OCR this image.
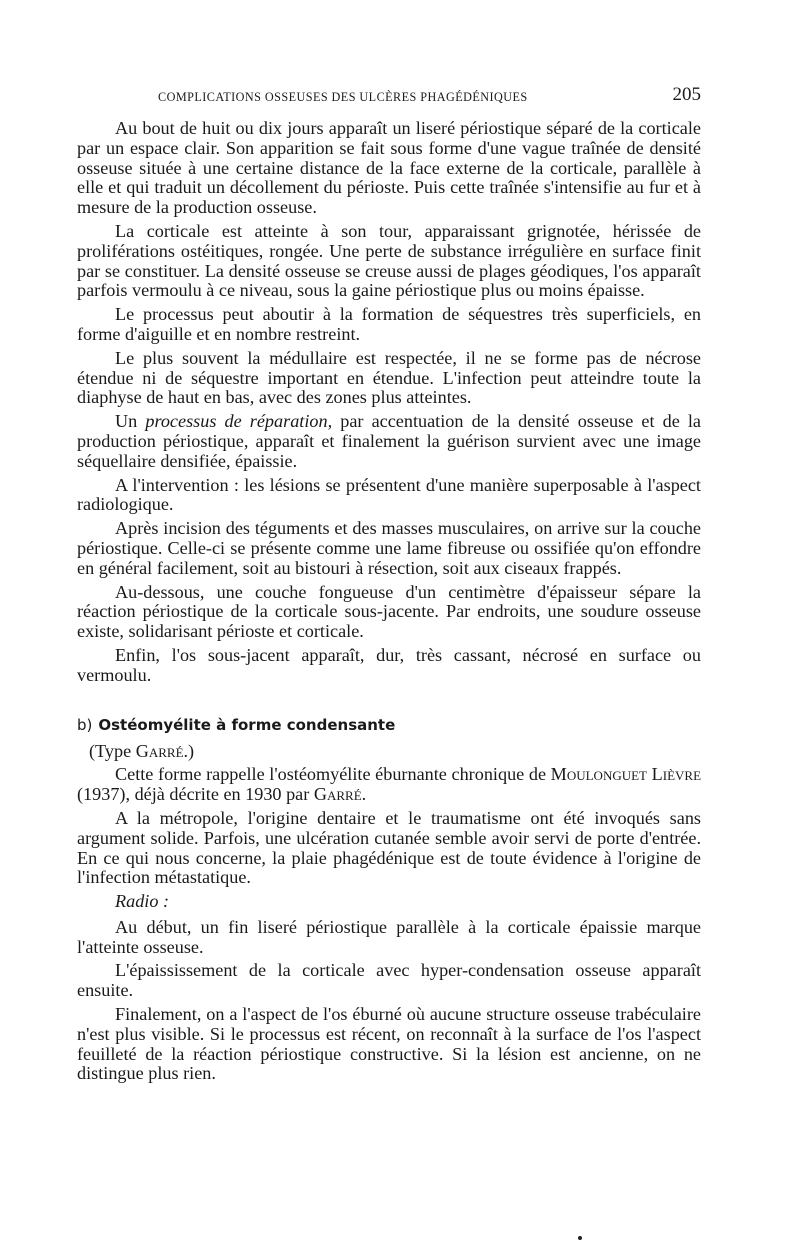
COMPLICATIONS OSSEUSES DES ULCÈRES PHAGÉDÉNIQUES	205

Au bout de huit ou dix jours apparaît un liseré périostique séparé de la corticale par un espace clair. Son apparition se fait sous forme d'une vague traînée de densité osseuse située à une certaine distance de la face externe de la corticale, parallèle à elle et qui traduit un décollement du périoste. Puis cette traînée s'intensifie au fur et à mesure de la production osseuse.

La corticale est atteinte à son tour, apparaissant grignotée, hérissée de proliférations ostéitiques, rongée. Une perte de substance irrégulière en surface finit par se constituer. La densité osseuse se creuse aussi de plages géodiques, l'os apparaît parfois vermoulu à ce niveau, sous la gaine périostique plus ou moins épaisse.

Le processus peut aboutir à la formation de séquestres très superficiels, en forme d'aiguille et en nombre restreint.

Le plus souvent la médullaire est respectée, il ne se forme pas de nécrose étendue ni de séquestre important en étendue. L'infection peut atteindre toute la diaphyse de haut en bas, avec des zones plus atteintes.

Un processus de réparation, par accentuation de la densité osseuse et de la production périostique, apparaît et finalement la guérison survient avec une image séquellaire densifiée, épaissie.

A l'intervention : les lésions se présentent d'une manière superposable à l'aspect radiologique.

Après incision des téguments et des masses musculaires, on arrive sur la couche périostique. Celle-ci se présente comme une lame fibreuse ou ossifiée qu'on effondre en général facilement, soit au bistouri à résection, soit aux ciseaux frappés.

Au-dessous, une couche fongueuse d'un centimètre d'épaisseur sépare la réaction périostique de la corticale sous-jacente. Par endroits, une soudure osseuse existe, solidarisant périoste et corticale.

Enfin, l'os sous-jacent apparaît, dur, très cassant, nécrosé en surface ou vermoulu.

b) Ostéomyélite à forme condensante

(Type Garré.)

Cette forme rappelle l'ostéomyélite éburnante chronique de Moulonguet Lièvre (1937), déjà décrite en 1930 par Garré.

A la métropole, l'origine dentaire et le traumatisme ont été invoqués sans argument solide. Parfois, une ulcération cutanée semble avoir servi de porte d'entrée. En ce qui nous concerne, la plaie phagédénique est de toute évidence à l'origine de l'infection métastatique.

Radio :

Au début, un fin liseré périostique parallèle à la corticale épaissie marque l'atteinte osseuse.

L'épaississement de la corticale avec hyper-condensation osseuse apparaît ensuite.

Finalement, on a l'aspect de l'os éburné où aucune structure osseuse trabéculaire n'est plus visible. Si le processus est récent, on reconnaît à la surface de l'os l'aspect feuilleté de la réaction périostique constructive. Si la lésion est ancienne, on ne distingue plus rien.
